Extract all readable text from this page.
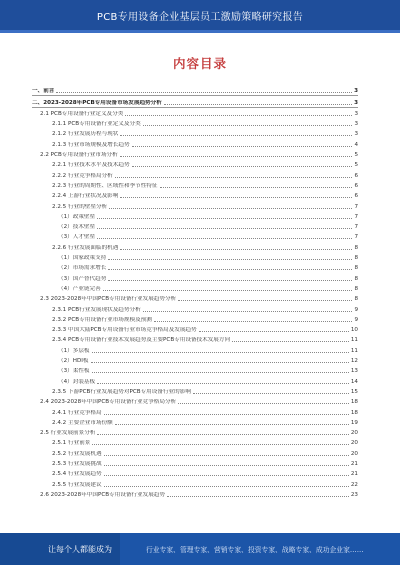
PCB专用设备企业基层员工激励策略研究报告
内容目录
一、前言	3
二、2023-2028年PCB专用设备市场发展趋势分析	3
2.1 PCB专用设备行业定义及分类	3
2.1.1 PCB专用设备行业定义及分类	3
2.1.2 行业发展历程与现状	3
2.1.3 行业市场规模及增长趋势	4
2.2 PCB专用设备行业市场分析	5
2.2.1 行业技术水平及技术趋势	5
2.2.2 行业竞争格局分析	6
2.2.3 行业的周期性、区域性和季节性特征	6
2.2.4 上游行业状况及影响	6
2.2.5 行业的壁垒分析	7
（1）政策壁垒	7
（2）技术壁垒	7
（3）人才壁垒	7
2.2.6 行业发展面临的机遇	8
（1）国家政策支持	8
（2）市场需求增长	8
（3）国产替代趋势	8
（4）产业链完善	8
2.3 2023-2028年中国PCB专用设备行业发展趋势分析	8
2.3.1 PCB行业发展现状及趋势分析	9
2.3.2 PCB专用设备行业市场规模及预测	9
2.3.3 中国大陆PCB专用设备行业市场竞争格局及发展趋势	10
2.3.4 PCB专用设备行业技术发展趋势及主要PCB专用设备技术发展方向	11
（1）多层板	11
（2）HDI板	12
（3）柔性板	13
（4）封装基板	14
2.3.5 下游PCB行业发展趋势对PCB专用设备行业的影响	15
2.4 2023-2028年中国PCB专用设备行业竞争格局分析	18
2.4.1 行业竞争格局	18
2.4.2 主要企业市场份额	19
2.5 行业发展前景分析	20
2.5.1 行业前景	20
2.5.2 行业发展机遇	20
2.5.3 行业发展挑战	21
2.5.4 行业发展趋势	21
2.5.5 行业发展建议	22
2.6 2023-2028年中国PCB专用设备行业发展趋势	23
让每个人都能成为	行业专家、管理专家、营销专家、投资专家、战略专家、成功企业家……
